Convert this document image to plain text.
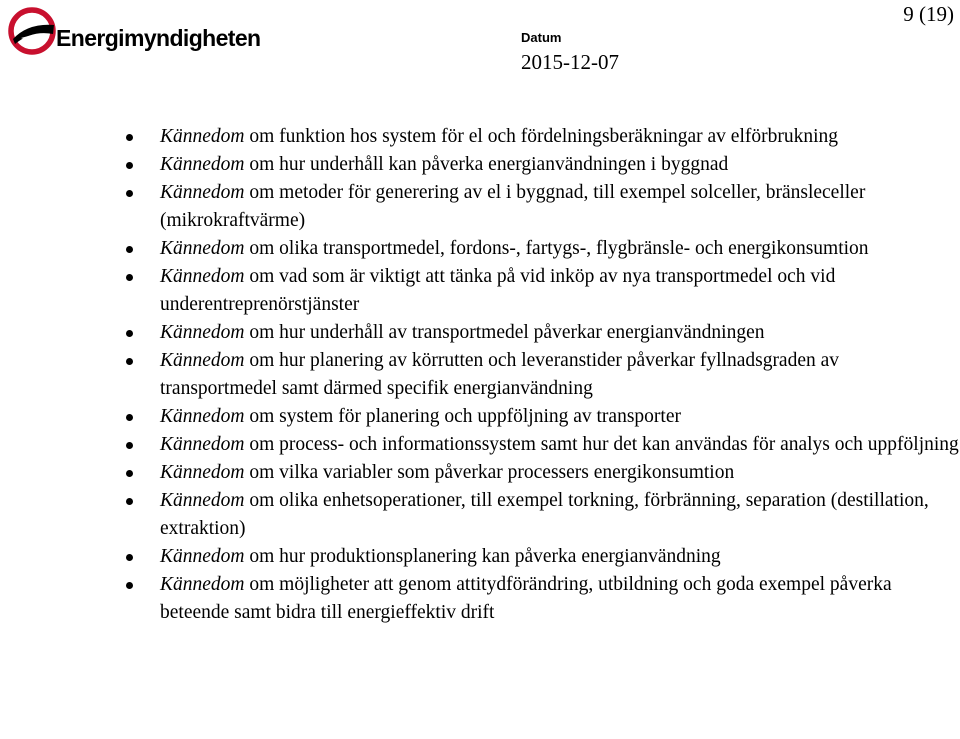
Energimyndigheten	Datum
2015-12-07
9 (19)
Kännedom om funktion hos system för el och fördelningsberäkningar av elförbrukning
Kännedom om hur underhåll kan påverka energianvändningen i byggnad
Kännedom om metoder för generering av el i byggnad, till exempel solceller, bränsleceller (mikrokraftvärme)
Kännedom om olika transportmedel, fordons-, fartygs-, flygbränsle- och energikonsumtion
Kännedom om vad som är viktigt att tänka på vid inköp av nya transportmedel och vid underentreprenörstjänster
Kännedom om hur underhåll av transportmedel påverkar energianvändningen
Kännedom om hur planering av körrutten och leveranstider påverkar fyllnadsgraden av transportmedel samt därmed specifik energianvändning
Kännedom om system för planering och uppföljning av transporter
Kännedom om process- och informationssystem samt hur det kan användas för analys och uppföljning
Kännedom om vilka variabler som påverkar processers energikonsumtion
Kännedom om olika enhetsoperationer, till exempel torkning, förbränning, separation (destillation, extraktion)
Kännedom om hur produktionsplanering kan påverka energianvändning
Kännedom om möjligheter att genom attitydförändring, utbildning och goda exempel påverka beteende samt bidra till energieffektiv drift
